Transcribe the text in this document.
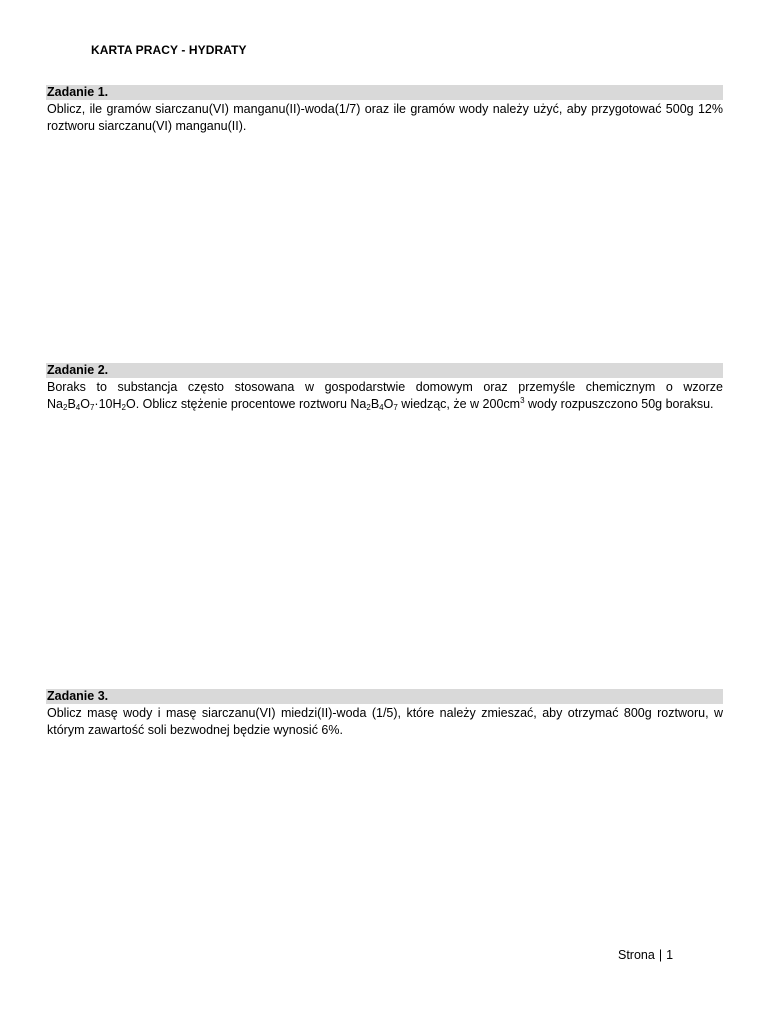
KARTA PRACY - HYDRATY
Zadanie 1.
Oblicz, ile gramów siarczanu(VI) manganu(II)-woda(1/7) oraz ile gramów wody należy użyć, aby przygotować 500g 12% roztworu siarczanu(VI) manganu(II).
Zadanie 2.
Boraks to substancja często stosowana w gospodarstwie domowym oraz przemyśle chemicznym o wzorze $Na_2B_4O_7\cdot 10H_2O$. Oblicz stężenie procentowe roztworu $Na_2B_4O_7$ wiedząc, że w $200cm^3$ wody rozpuszczono 50g boraksu.
Zadanie 3.
Oblicz masę wody i masę siarczanu(VI) miedzi(II)-woda (1/5), które należy zmieszać, aby otrzymać 800g roztworu, w którym zawartość soli bezwodnej będzie wynosić 6%.
Strona | 1
